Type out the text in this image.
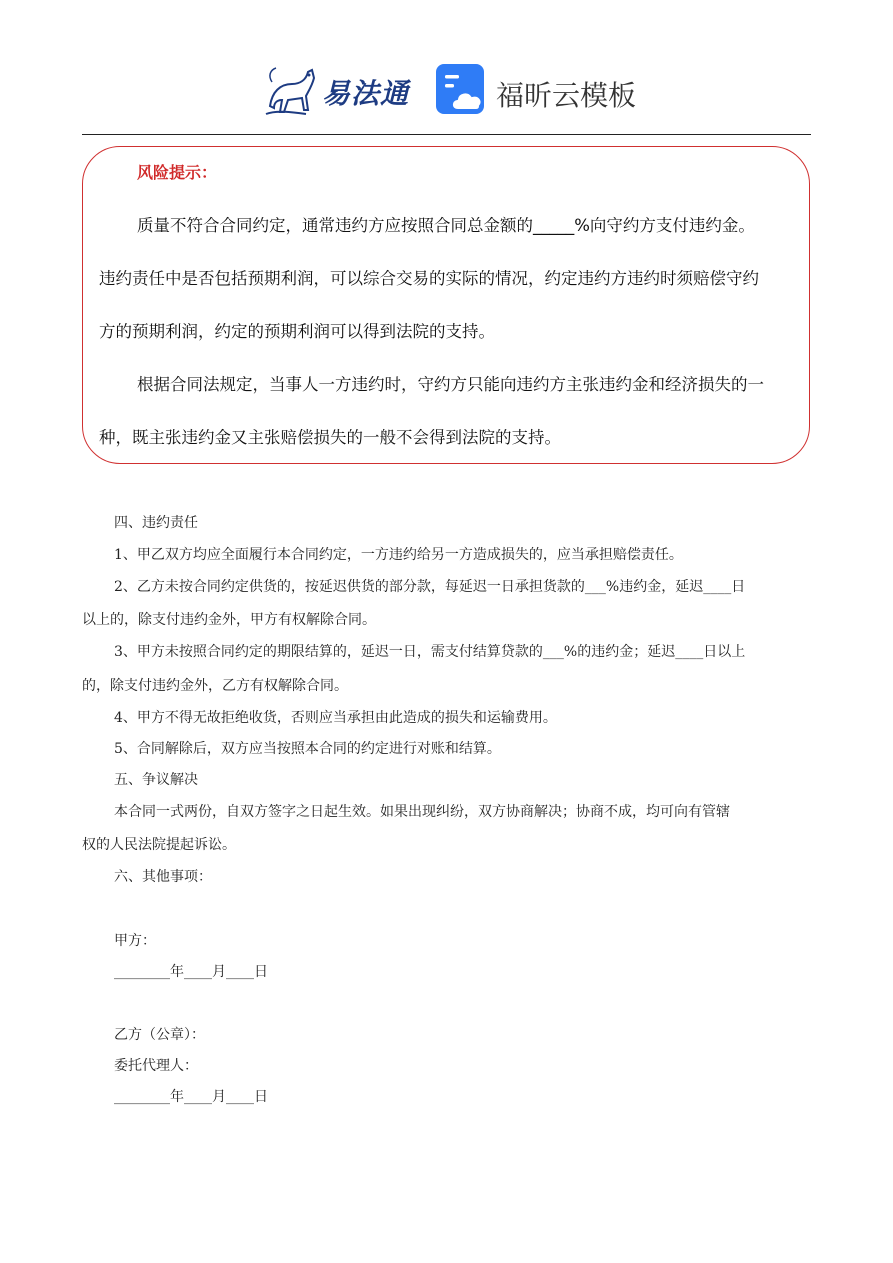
易法通	福昕云模板
风险提示：
质量不符合合同约定，通常违约方应按照合同总金额的_____%向守约方支付违约金。
违约责任中是否包括预期利润，可以综合交易的实际的情况，约定违约方违约时须赔偿守约
方的预期利润，约定的预期利润可以得到法院的支持。
根据合同法规定，当事人一方违约时，守约方只能向违约方主张违约金和经济损失的一
种，既主张违约金又主张赔偿损失的一般不会得到法院的支持。
四、违约责任
1、甲乙双方均应全面履行本合同约定，一方违约给另一方造成损失的，应当承担赔偿责任。
2、乙方未按合同约定供货的，按延迟供货的部分款，每延迟一日承担货款的___%违约金，延迟____日
以上的，除支付违约金外，甲方有权解除合同。
3、甲方未按照合同约定的期限结算的，延迟一日，需支付结算贷款的___%的违约金；延迟____日以上
的，除支付违约金外，乙方有权解除合同。
4、甲方不得无故拒绝收货，否则应当承担由此造成的损失和运输费用。
5、合同解除后，双方应当按照本合同的约定进行对账和结算。
五、争议解决
本合同一式两份，自双方签字之日起生效。如果出现纠纷，双方协商解决；协商不成，均可向有管辖
权的人民法院提起诉讼。
六、其他事项：
甲方：
________年____月____日
乙方（公章）：
委托代理人：
________年____月____日
